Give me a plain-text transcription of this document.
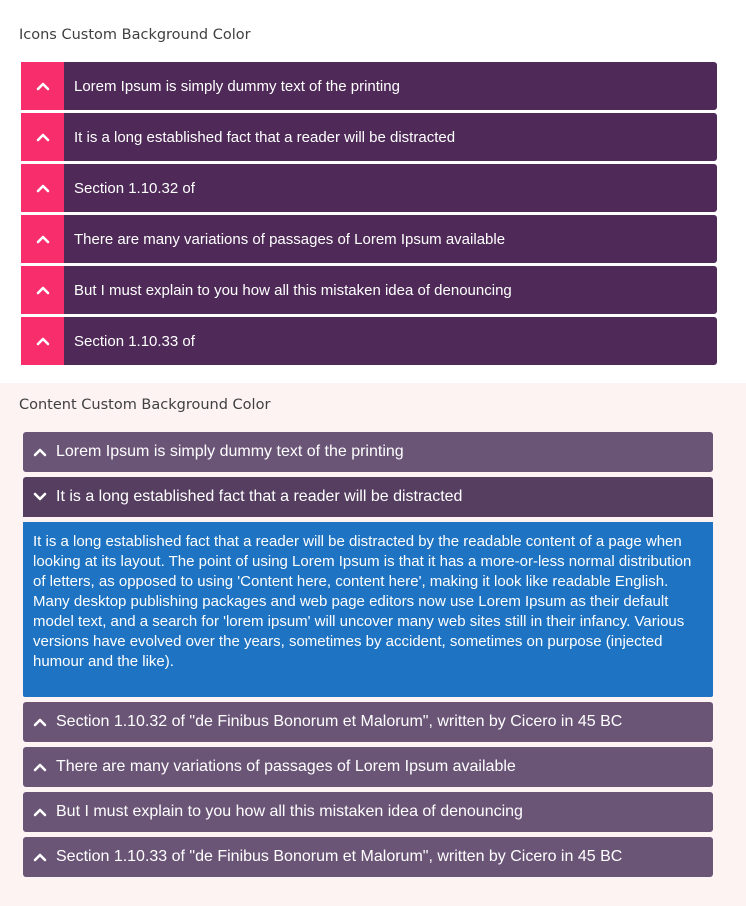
Icons Custom Background Color
Lorem Ipsum is simply dummy text of the printing
It is a long established fact that a reader will be distracted
Section 1.10.32 of
There are many variations of passages of Lorem Ipsum available
But I must explain to you how all this mistaken idea of denouncing
Section 1.10.33 of
Content Custom Background Color
Lorem Ipsum is simply dummy text of the printing
It is a long established fact that a reader will be distracted
It is a long established fact that a reader will be distracted by the readable content of a page when looking at its layout. The point of using Lorem Ipsum is that it has a more-or-less normal distribution of letters, as opposed to using 'Content here, content here', making it look like readable English. Many desktop publishing packages and web page editors now use Lorem Ipsum as their default model text, and a search for 'lorem ipsum' will uncover many web sites still in their infancy. Various versions have evolved over the years, sometimes by accident, sometimes on purpose (injected humour and the like).
Section 1.10.32 of "de Finibus Bonorum et Malorum", written by Cicero in 45 BC
There are many variations of passages of Lorem Ipsum available
But I must explain to you how all this mistaken idea of denouncing
Section 1.10.33 of "de Finibus Bonorum et Malorum", written by Cicero in 45 BC
